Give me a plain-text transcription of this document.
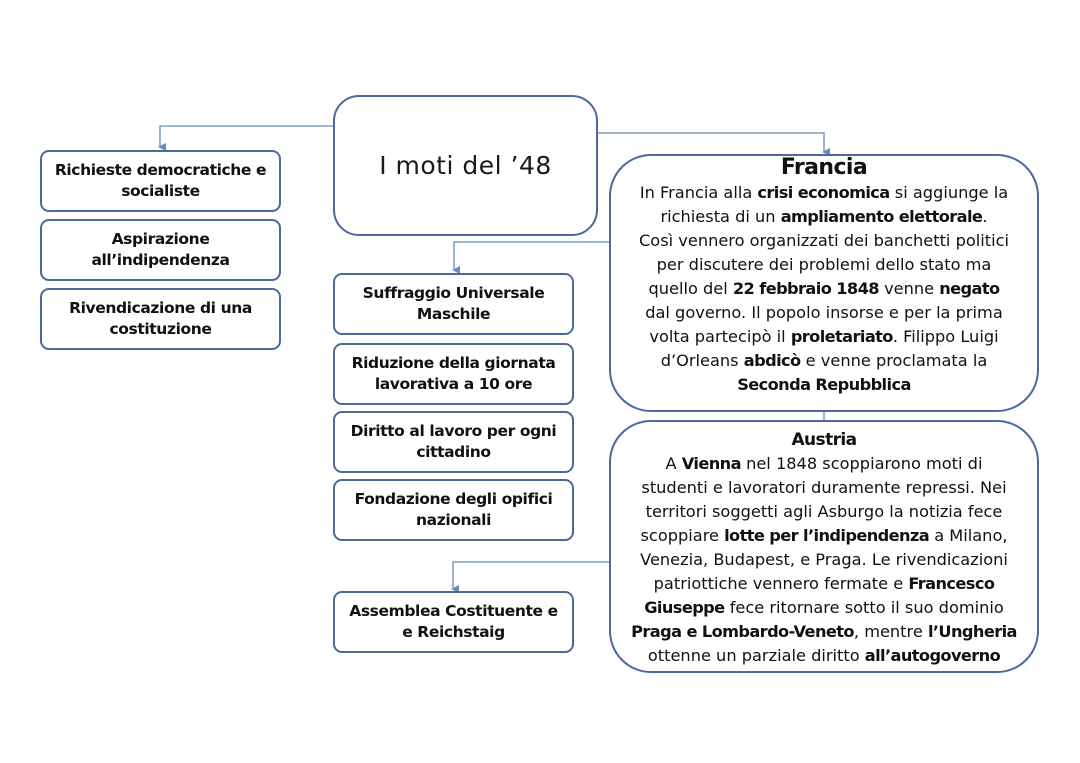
I moti del ’48
Richieste democratiche e socialiste
Aspirazione all’indipendenza
Rivendicazione di una costituzione
Suffraggio Universale Maschile
Riduzione della giornata lavorativa a 10 ore
Diritto al lavoro per ogni cittadino
Fondazione degli opifici nazionali
Assemblea Costituente e e Reichstaig
Francia
In Francia alla crisi economica si aggiunge la
richiesta di un ampliamento elettorale.
Così vennero organizzati dei banchetti politici
per discutere dei problemi dello stato ma
quello del 22 febbraio 1848 venne negato
dal governo. Il popolo insorse e per la prima
volta partecipò il proletariato. Filippo Luigi
d’Orleans abdicò e venne proclamata la
Seconda Repubblica
Austria
A Vienna nel 1848 scoppiarono moti di
studenti e lavoratori duramente repressi. Nei
territori soggetti agli Asburgo la notizia fece
scoppiare lotte per l’indipendenza a Milano,
Venezia, Budapest, e Praga. Le rivendicazioni
patriottiche vennero fermate e Francesco
Giuseppe fece ritornare sotto il suo dominio
Praga e Lombardo-Veneto, mentre l’Ungheria
ottenne un parziale diritto all’autogoverno
